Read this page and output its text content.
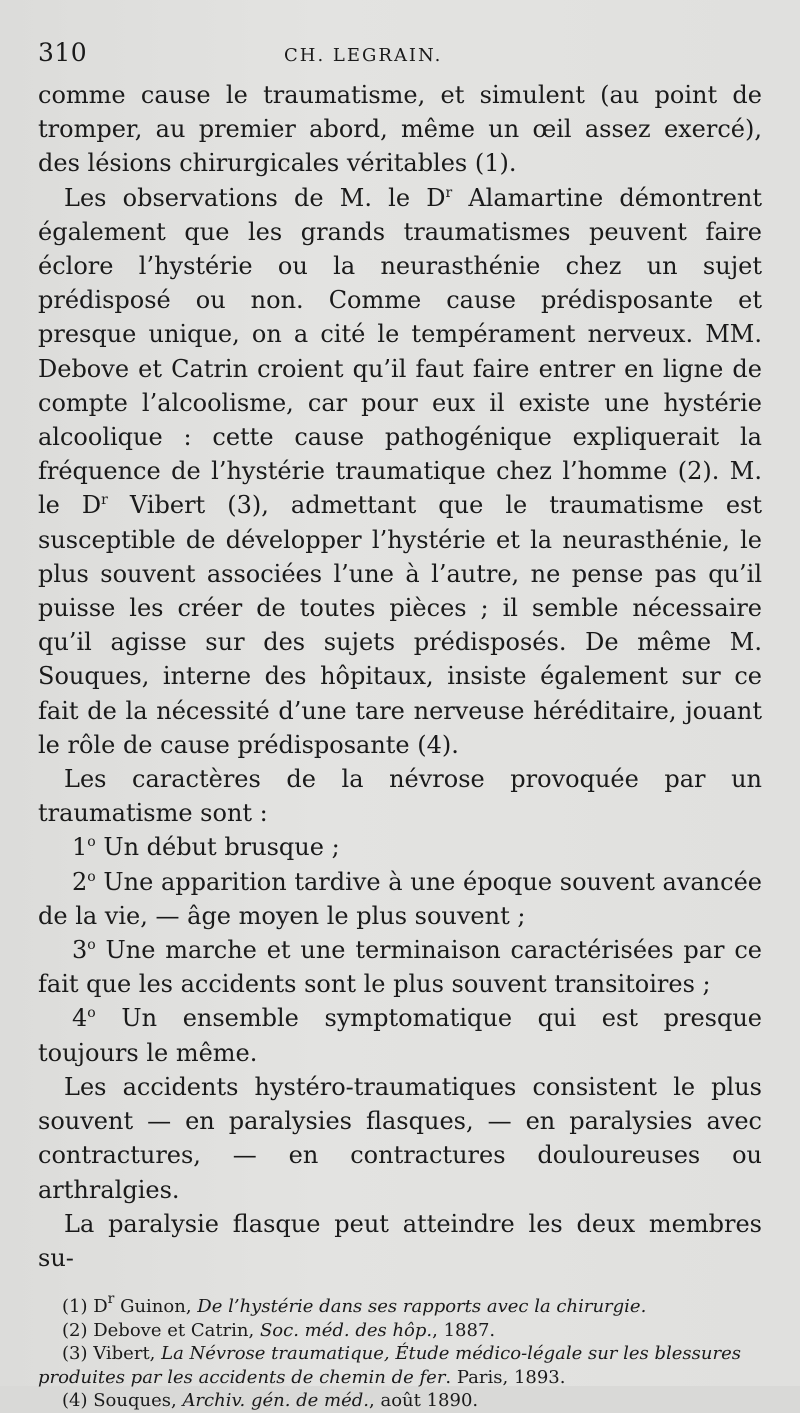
310	CH. LEGRAIN.

comme cause le traumatisme, et simulent (au point de tromper, au premier abord, même un œil assez exercé), des lésions chirurgicales véritables (1).

Les observations de M. le $D^r$ Alamartine démontrent également que les grands traumatismes peuvent faire éclore l’hystérie ou la neurasthénie chez un sujet prédisposé ou non. Comme cause prédisposante et presque unique, on a cité le tempérament nerveux. MM. Debove et Catrin croient qu’il faut faire entrer en ligne de compte l’alcoolisme, car pour eux il existe une hystérie alcoolique : cette cause pathogénique expliquerait la fréquence de l’hystérie traumatique chez l’homme (2). M. le $D^r$ Vibert (3), admettant que le traumatisme est susceptible de développer l’hystérie et la neurasthénie, le plus souvent associées l’une à l’autre, ne pense pas qu’il puisse les créer de toutes pièces ; il semble nécessaire qu’il agisse sur des sujets prédisposés. De même M. Souques, interne des hôpitaux, insiste également sur ce fait de la nécessité d’une tare nerveuse héréditaire, jouant le rôle de cause prédisposante (4).

Les caractères de la névrose provoquée par un traumatisme sont :

1$^o$ Un début brusque ;

2$^o$ Une apparition tardive à une époque souvent avancée de la vie, — âge moyen le plus souvent ;

3$^o$ Une marche et une terminaison caractérisées par ce fait que les accidents sont le plus souvent transitoires ;

4$^o$ Un ensemble symptomatique qui est presque toujours le même.

Les accidents hystéro-traumatiques consistent le plus souvent — en paralysies flasques, — en paralysies avec contractures, — en contractures douloureuses ou arthralgies.

La paralysie flasque peut atteindre les deux membres su-

(1) $D^r$ Guinon, De l’hystérie dans ses rapports avec la chirurgie.

(2) Debove et Catrin, Soc. méd. des hôp., 1887.

(3) Vibert, La Névrose traumatique, Étude médico-légale sur les blessures produites par les accidents de chemin de fer. Paris, 1893.

(4) Souques, Archiv. gén. de méd., août 1890.
